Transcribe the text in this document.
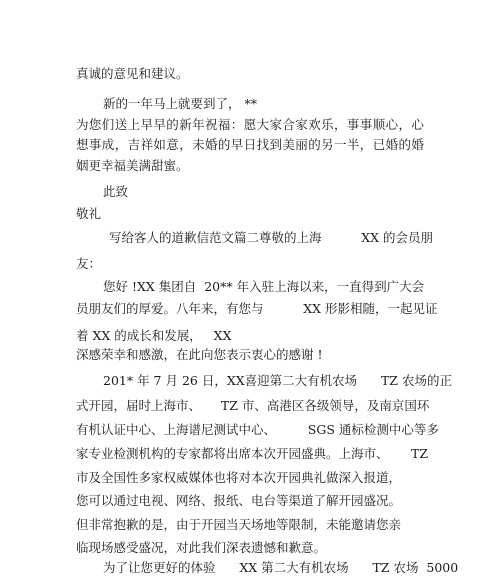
真诚的意见和建议。
新的一年马上就要到了， **
为您们送上早早的新年祝福：愿大家合家欢乐，事事顺心，心
想事成，吉祥如意，未婚的早日找到美丽的另一半，已婚的婚
姻更幸福美满甜蜜。
此致
敬礼
写给客人的道歉信范文篇二尊敬的上海          XX 的会员朋
友：
您好 !XX 集团自  20** 年入驻上海以来，一直得到广大会
员朋友们的厚爱。八年来，有您与          XX 形影相随，一起见证
着 XX 的成长和发展，   XX
深感荣幸和感激，在此向您表示衷心的感谢 !
201* 年 7 月 26 日，XX喜迎第二大有机农场      TZ 农场的正
式开园，届时上海市、     TZ 市、高港区各级领导，及南京国环
有机认证中心、上海谱尼测试中心、        SGS 通标检测中心等多
家专业检测机构的专家都将出席本次开园盛典。上海市、 TZ
市及全国性多家权威媒体也将对本次开园典礼做深入报道，
您可以通过电视、网络、报纸、电台等渠道了解开园盛况。
但非常抱歉的是，由于开园当天场地等限制，未能邀请您亲
临现场感受盛况，对此我们深表遗憾和歉意。
为了让您更好的体验      XX 第二大有机农场      TZ 农场  5000
